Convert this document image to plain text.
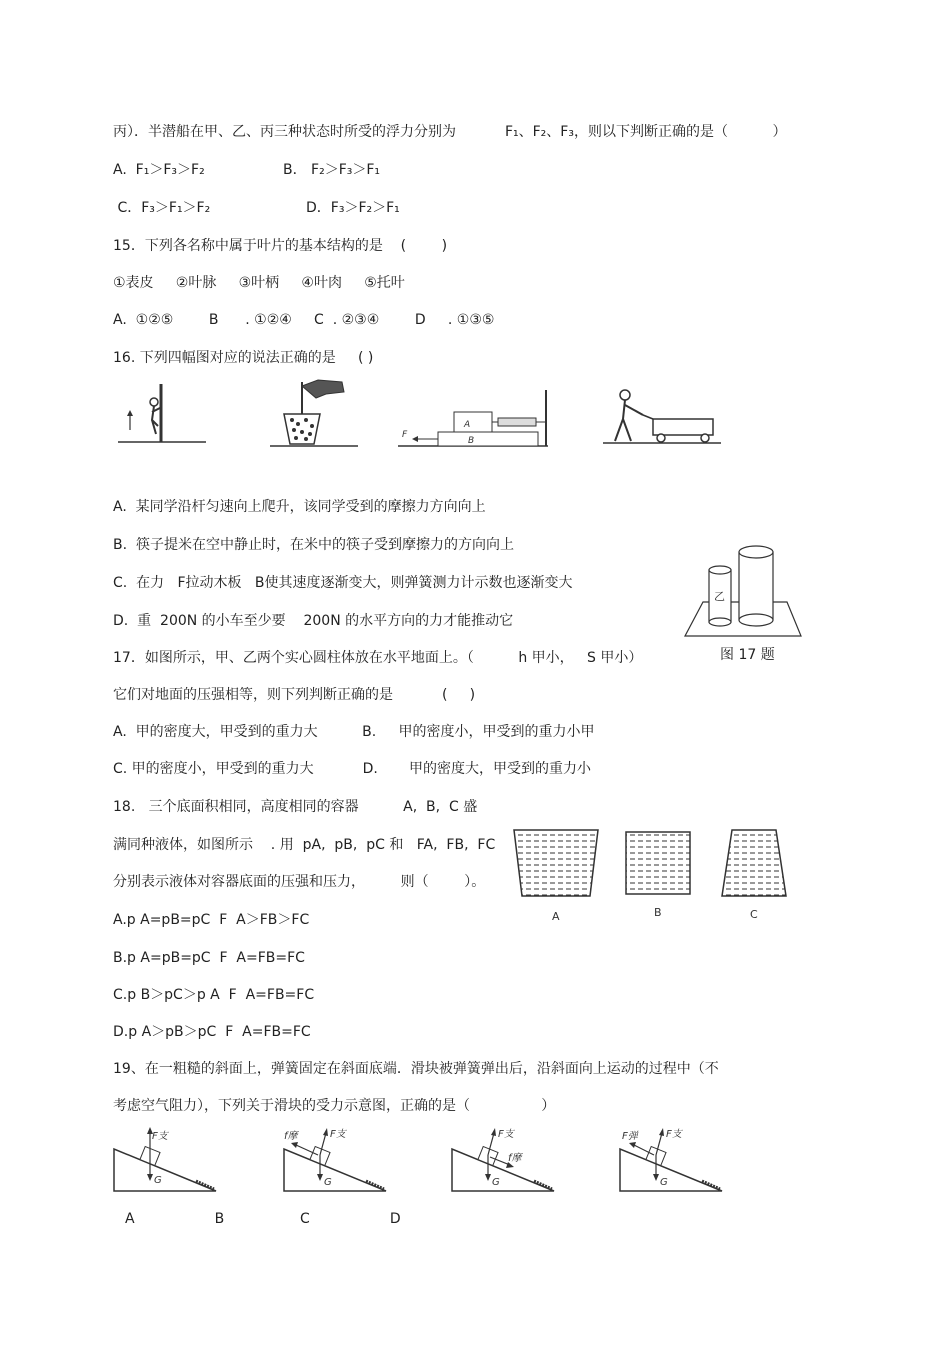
丙）．半潜船在甲、乙、丙三种状态时所受的浮力分别为           F₁、F₂、F₃，则以下判断正确的是（          ）
A.  F₁＞F₃＞F₂	B． F₂＞F₃＞F₁
C．F₃＞F₁＞F₂	D．F₃＞F₂＞F₁
15．下列各名称中属于叶片的基本结构的是    (        )
①表皮     ②叶脉     ③叶柄     ④叶肉     ⑤托叶
A.  ①②⑤        B      . ①②④     C  . ②③④        D     . ①③⑤
16. 下列四幅图对应的说法正确的是     ( )
A
B
F
A.  某同学沿杆匀速向上爬升，该同学受到的摩擦力方向向上
B.  筷子提米在空中静止时，在米中的筷子受到摩擦力的方向向上
C.  在力   F拉动木板   B使其速度逐渐变大，则弹簧测力计示数也逐渐变大
D.  重  200N 的小车至少要    200N 的水平方向的力才能推动它
乙
图 17 题
17．如图所示，甲、乙两个实心圆柱体放在水平地面上。（          h 甲小，   S 甲小）
它们对地面的压强相等，则下列判断正确的是           (     )
A.  甲的密度大，甲受到的重力大          B.     甲的密度小，甲受到的重力小甲
C. 甲的密度小，甲受到的重力大           D.       甲的密度大，甲受到的重力小
18.   三个底面积相同，高度相同的容器          A,  B,  C 盛
满同种液体，如图所示    . 用  pA,  pB,  pC 和   FA,  FB,  FC
分别表示液体对容器底面的压强和压力，        则（        ）。
A.p A=pB=pC  F  A＞FB＞FC
B.p A=pB=pC  F  A=FB=FC
C.p B＞pC＞p A  F  A=FB=FC
D.p A＞pB＞pC  F  A=FB=FC
A	B	C
19、在一粗糙的斜面上，弹簧固定在斜面底端．滑块被弹簧弹出后，沿斜面向上运动的过程中（不
考虑空气阻力），下列关于滑块的受力示意图，正确的是（                ）
F支
G
f摩	F支
G
F支
f摩
G
F弹	F支
G
A                  B                 C                  D
